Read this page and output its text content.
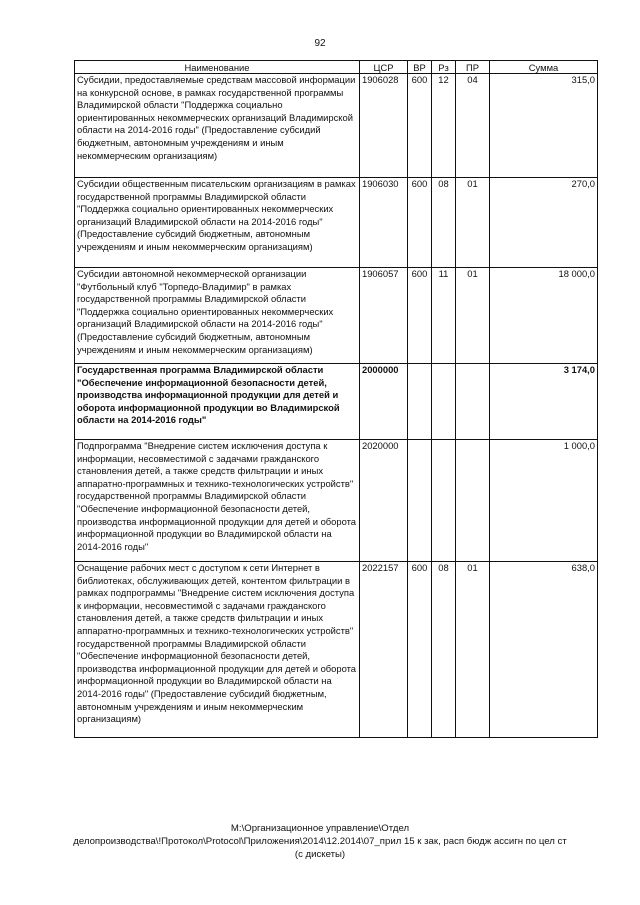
92
Наименование	ЦСР	ВР	Рз	ПР	Сумма
Субсидии, предоставляемые средствам массовой информации на конкурсной основе, в рамках государственной программы Владимирской области "Поддержка социально ориентированных некоммерческих организаций Владимирской области на 2014-2016 годы" (Предоставление субсидий бюджетным, автономным учреждениям и иным некоммерческим организациям)	1906028	600	12	04	315,0
Субсидии общественным писательским организациям в рамках государственной программы Владимирской области "Поддержка социально ориентированных некоммерческих организаций Владимирской области на 2014-2016 годы" (Предоставление субсидий бюджетным, автономным учреждениям и иным некоммерческим организациям)	1906030	600	08	01	270,0
Субсидии автономной некоммерческой организации "Футбольный клуб "Торпедо-Владимир" в рамках государственной программы Владимирской области "Поддержка социально ориентированных некоммерческих организаций Владимирской области на 2014-2016 годы" (Предоставление субсидий бюджетным, автономным учреждениям и иным некоммерческим организациям)	1906057	600	11	01	18 000,0
Государственная программа Владимирской области "Обеспечение информационной безопасности детей, производства информационной продукции для детей и оборота информационной продукции во Владимирской области на 2014-2016 годы"	2000000				3 174,0
Подпрограмма "Внедрение систем исключения доступа к информации, несовместимой с задачами гражданского становления детей, а также средств фильтрации и иных аппаратно-программных и технико-технологических устройств" государственной программы Владимирской области "Обеспечение информационной безопасности детей, производства информационной продукции для детей и оборота информационной продукции во Владимирской области на 2014-2016 годы"	2020000				1 000,0
Оснащение рабочих мест с доступом к сети Интернет в библиотеках, обслуживающих детей, контентом фильтрации в рамках подпрограммы "Внедрение систем исключения доступа к информации, несовместимой с задачами гражданского становления детей, а также средств фильтрации и иных аппаратно-программных и технико-технологических устройств" государственной программы Владимирской области "Обеспечение информационной безопасности детей, производства информационной продукции для детей и оборота информационной продукции во Владимирской области на 2014-2016 годы" (Предоставление субсидий бюджетным, автономным учреждениям и иным некоммерческим организациям)	2022157	600	08	01	638,0
М:\Организационное управление\Отдел
делопроизводства\!Протокол\Protocol\Приложения\2014\12.2014\07_прил 15 к зак, расп бюдж ассигн по цел ст
(с дискеты)
